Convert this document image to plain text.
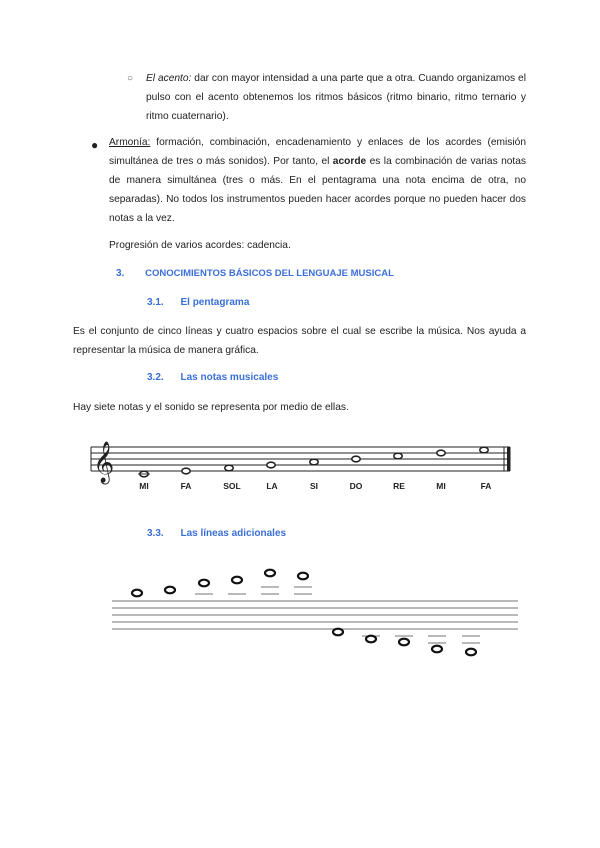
○ El acento: dar con mayor intensidad a una parte que a otra. Cuando organizamos el pulso con el acento obtenemos los ritmos básicos (ritmo binario, ritmo ternario y ritmo cuaternario).
● Armonía: formación, combinación, encadenamiento y enlaces de los acordes (emisión simultánea de tres o más sonidos). Por tanto, el acorde es la combinación de varias notas de manera simultánea (tres o más. En el pentagrama una nota encima de otra, no separadas). No todos los instrumentos pueden hacer acordes porque no pueden hacer dos notas a la vez.
Progresión de varios acordes: cadencia.
3. CONOCIMIENTOS BÁSICOS DEL LENGUAJE MUSICAL
3.1. El pentagrama
Es el conjunto de cinco líneas y cuatro espacios sobre el cual se escribe la música. Nos ayuda a representar la música de manera gráfica.
3.2. Las notas musicales
Hay siete notas y el sonido se representa por medio de ellas.
𝄞
MI	FA	SOL	LA	SI	DO	RE	MI	FA
3.3. Las líneas adicionales
